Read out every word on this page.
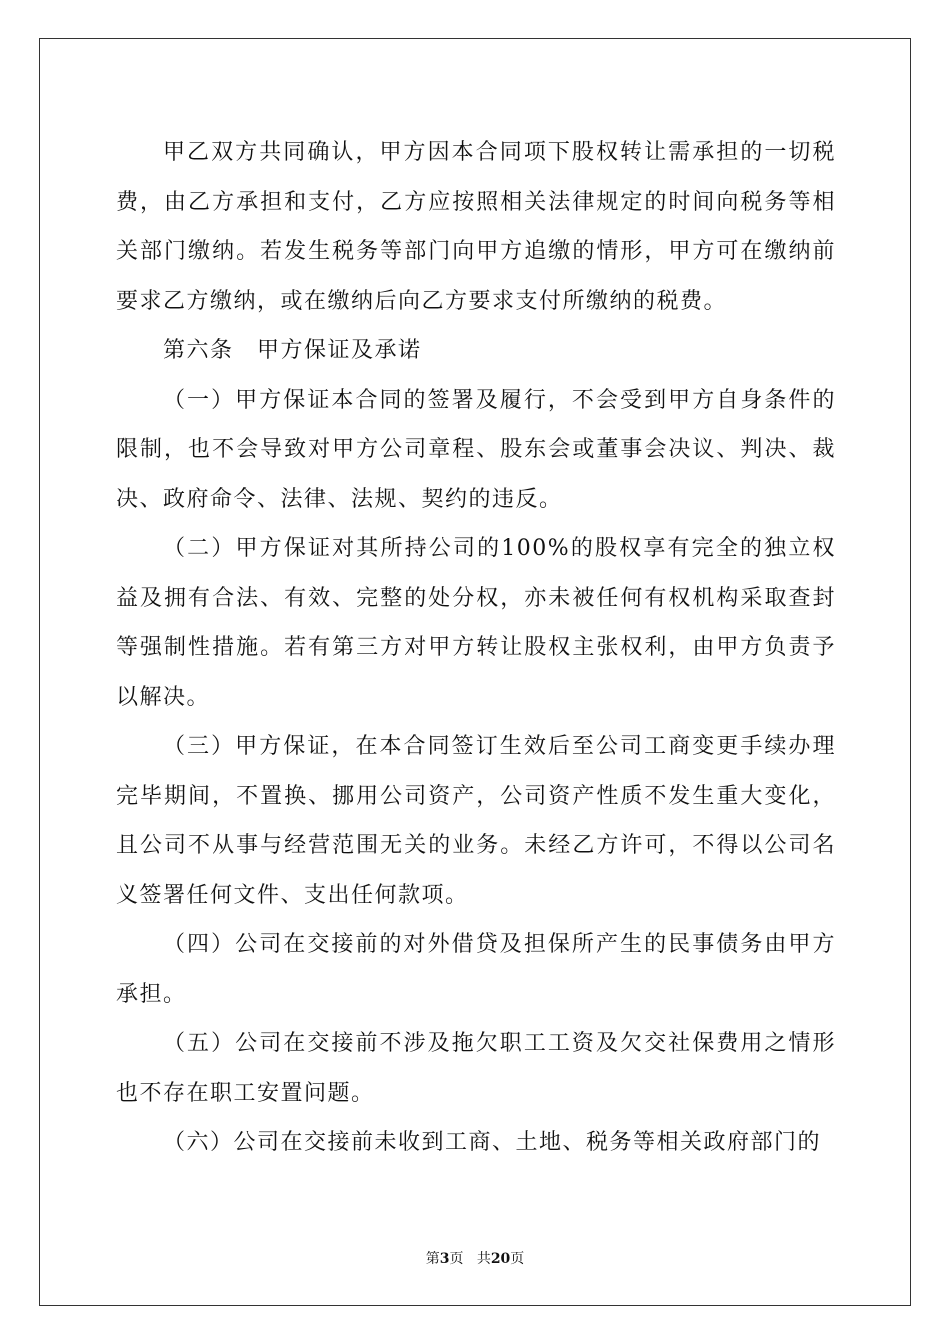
甲乙双方共同确认，甲方因本合同项下股权转让需承担的一切税费，由乙方承担和支付，乙方应按照相关法律规定的时间向税务等相关部门缴纳。若发生税务等部门向甲方追缴的情形，甲方可在缴纳前要求乙方缴纳，或在缴纳后向乙方要求支付所缴纳的税费。

第六条　甲方保证及承诺

（一）甲方保证本合同的签署及履行，不会受到甲方自身条件的限制，也不会导致对甲方公司章程、股东会或董事会决议、判决、裁决、政府命令、法律、法规、契约的违反。

（二）甲方保证对其所持公司的100%的股权享有完全的独立权益及拥有合法、有效、完整的处分权，亦未被任何有权机构采取查封等强制性措施。若有第三方对甲方转让股权主张权利，由甲方负责予以解决。

（三）甲方保证，在本合同签订生效后至公司工商变更手续办理完毕期间，不置换、挪用公司资产，公司资产性质不发生重大变化，且公司不从事与经营范围无关的业务。未经乙方许可，不得以公司名义签署任何文件、支出任何款项。

（四）公司在交接前的对外借贷及担保所产生的民事债务由甲方承担。

（五）公司在交接前不涉及拖欠职工工资及欠交社保费用之情形也不存在职工安置问题。

（六）公司在交接前未收到工商、土地、税务等相关政府部门的

第3页 共20页
